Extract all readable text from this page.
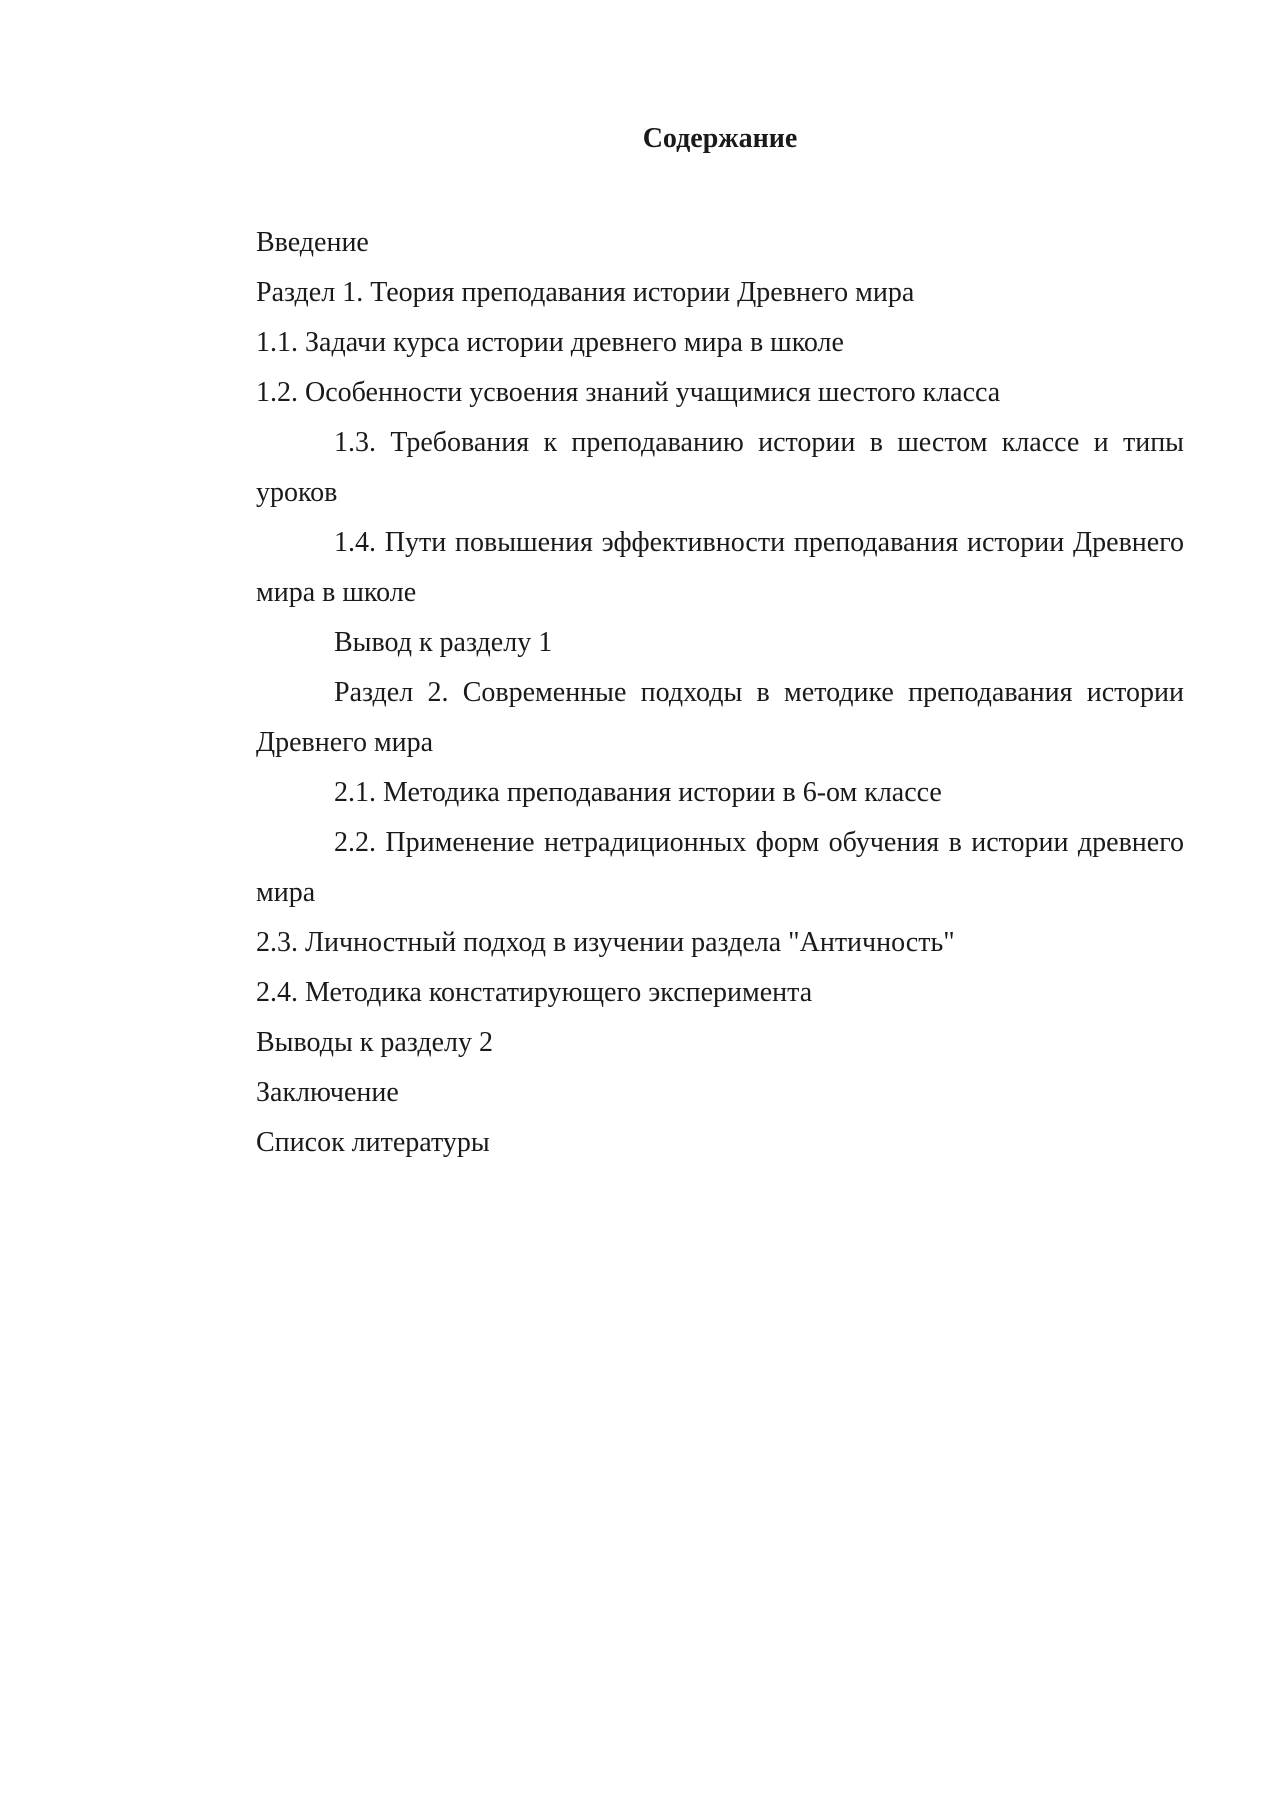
Содержание

Введение

Раздел 1. Теория преподавания истории Древнего мира

1.1. Задачи курса истории древнего мира в школе

1.2. Особенности усвоения знаний учащимися шестого класса

1.3. Требования к преподаванию истории в шестом классе и типы уроков

1.4. Пути повышения эффективности преподавания истории Древнего мира в школе

Вывод к разделу 1

Раздел 2. Современные подходы в методике преподавания истории Древнего мира

2.1. Методика преподавания истории в 6-ом классе

2.2. Применение нетрадиционных форм обучения в истории древнего мира

2.3. Личностный подход в изучении раздела "Античность"

2.4. Методика констатирующего эксперимента

Выводы к разделу 2

Заключение

Список литературы
